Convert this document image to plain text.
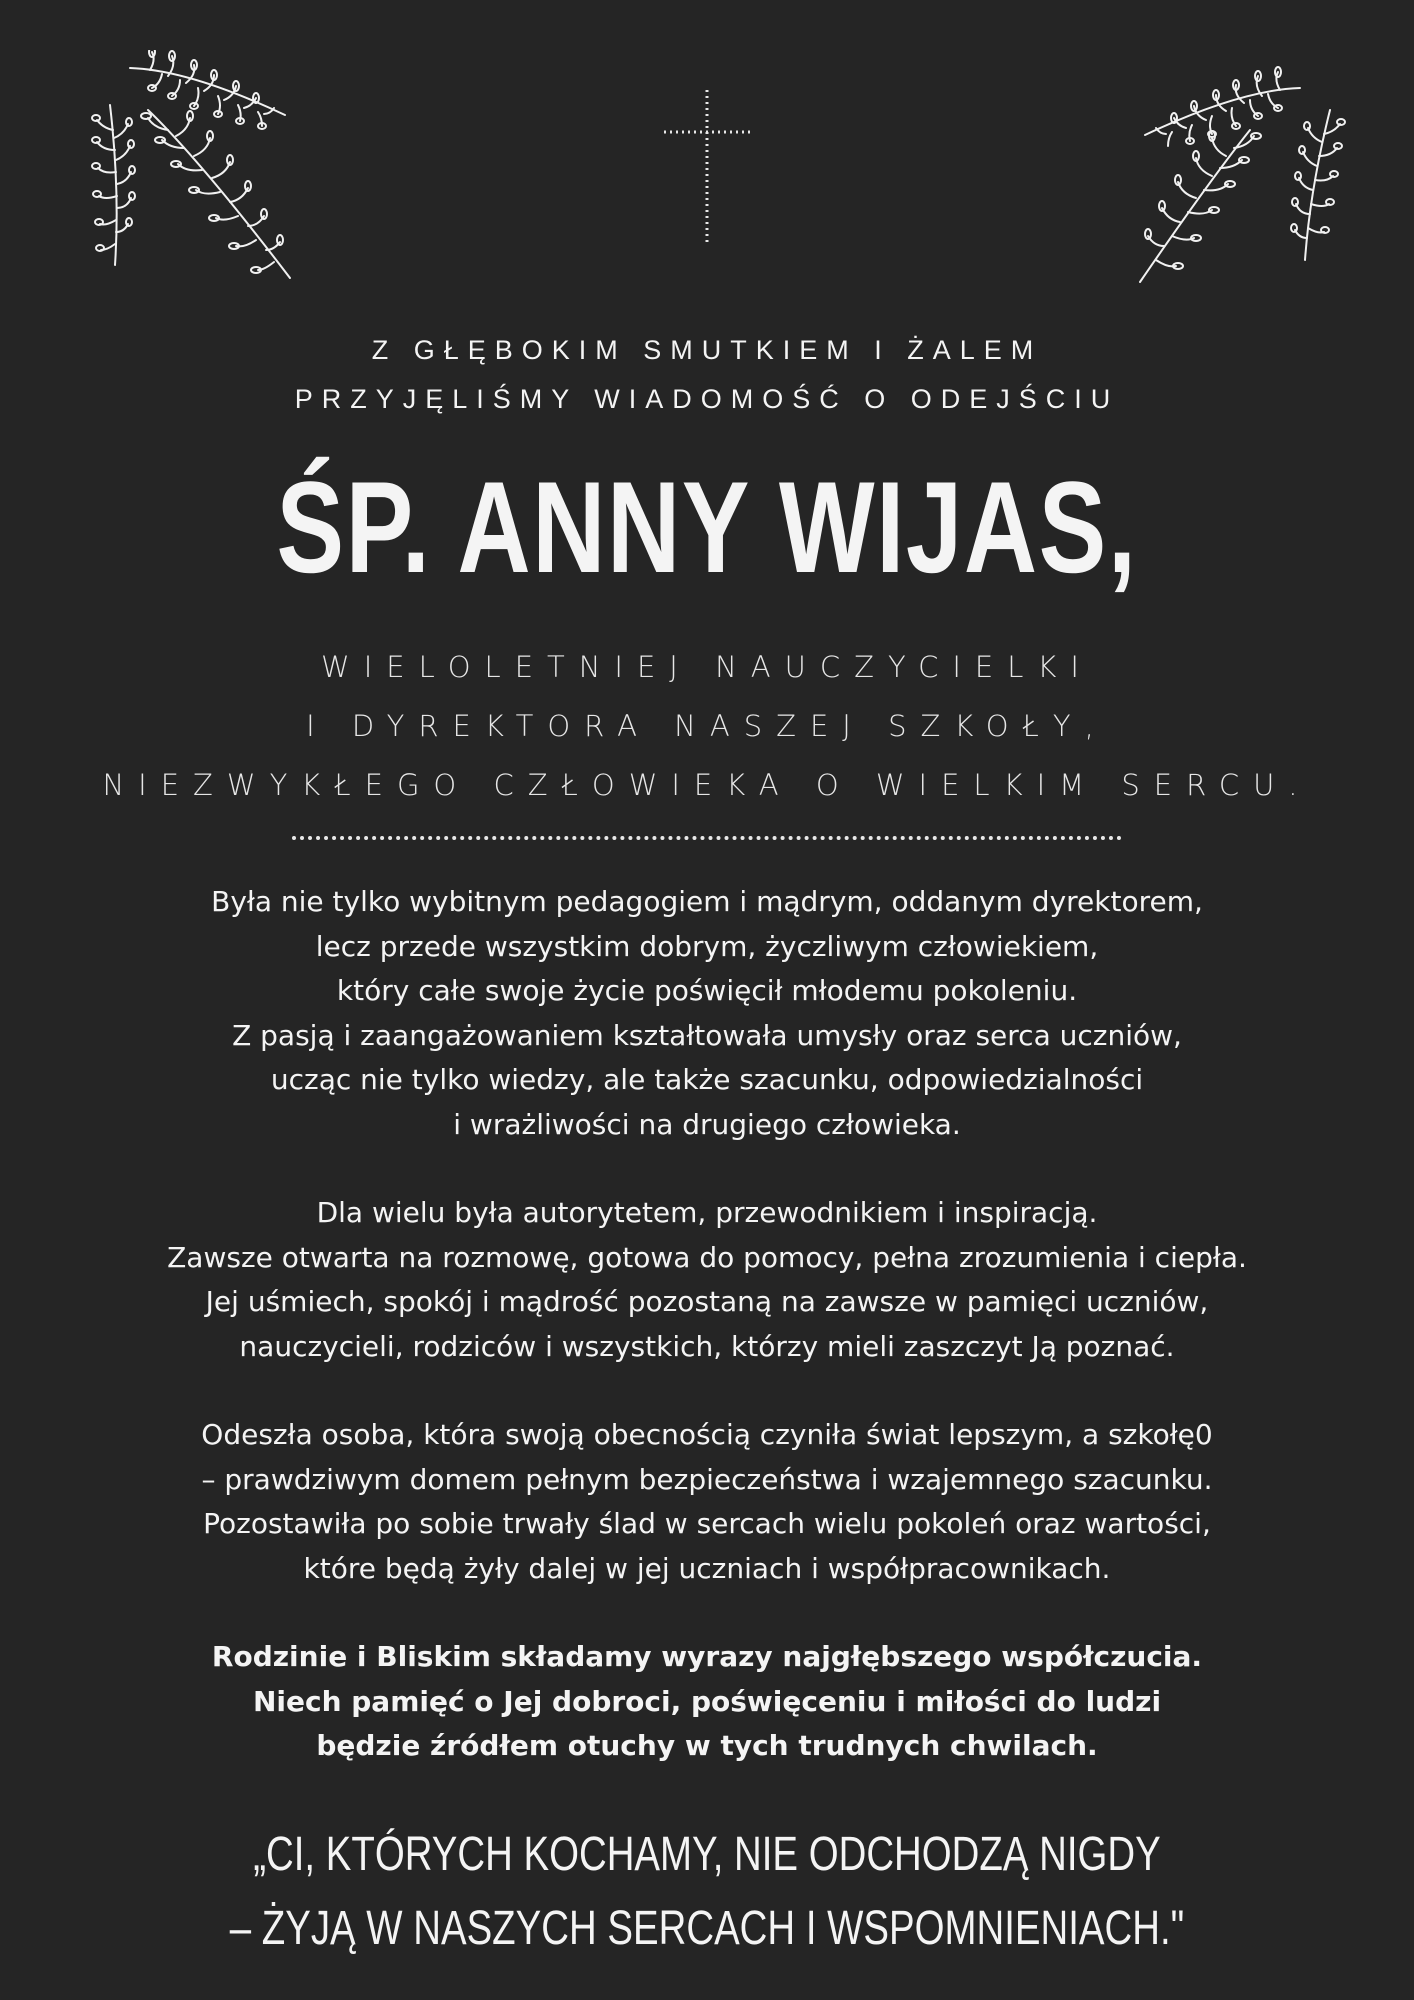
Z GŁĘBOKIM SMUTKIEM I ŻALEM
PRZYJĘLIŚMY WIADOMOŚĆ O ODEJŚCIU
ŚP. ANNY WIJAS,
WIELOLETNIEJ NAUCZYCIELKI
I DYREKTORA NASZEJ SZKOŁY,
NIEZWYKŁEGO CZŁOWIEKA O WIELKIM SERCU.
Była nie tylko wybitnym pedagogiem i mądrym, oddanym dyrektorem,
lecz przede wszystkim dobrym, życzliwym człowiekiem,
który całe swoje życie poświęcił młodemu pokoleniu.
Z pasją i zaangażowaniem kształtowała umysły oraz serca uczniów,
ucząc nie tylko wiedzy, ale także szacunku, odpowiedzialności
i wrażliwości na drugiego człowieka.
Dla wielu była autorytetem, przewodnikiem i inspiracją.
Zawsze otwarta na rozmowę, gotowa do pomocy, pełna zrozumienia i ciepła.
Jej uśmiech, spokój i mądrość pozostaną na zawsze w pamięci uczniów,
nauczycieli, rodziców i wszystkich, którzy mieli zaszczyt Ją poznać.
Odeszła osoba, która swoją obecnością czyniła świat lepszym, a szkołę0
– prawdziwym domem pełnym bezpieczeństwa i wzajemnego szacunku.
Pozostawiła po sobie trwały ślad w sercach wielu pokoleń oraz wartości,
które będą żyły dalej w jej uczniach i współpracownikach.
Rodzinie i Bliskim składamy wyrazy najgłębszego współczucia.
Niech pamięć o Jej dobroci, poświęceniu i miłości do ludzi
będzie źródłem otuchy w tych trudnych chwilach.
„CI, KTÓRYCH KOCHAMY, NIE ODCHODZĄ NIGDY
– ŻYJĄ W NASZYCH SERCACH I WSPOMNIENIACH."
